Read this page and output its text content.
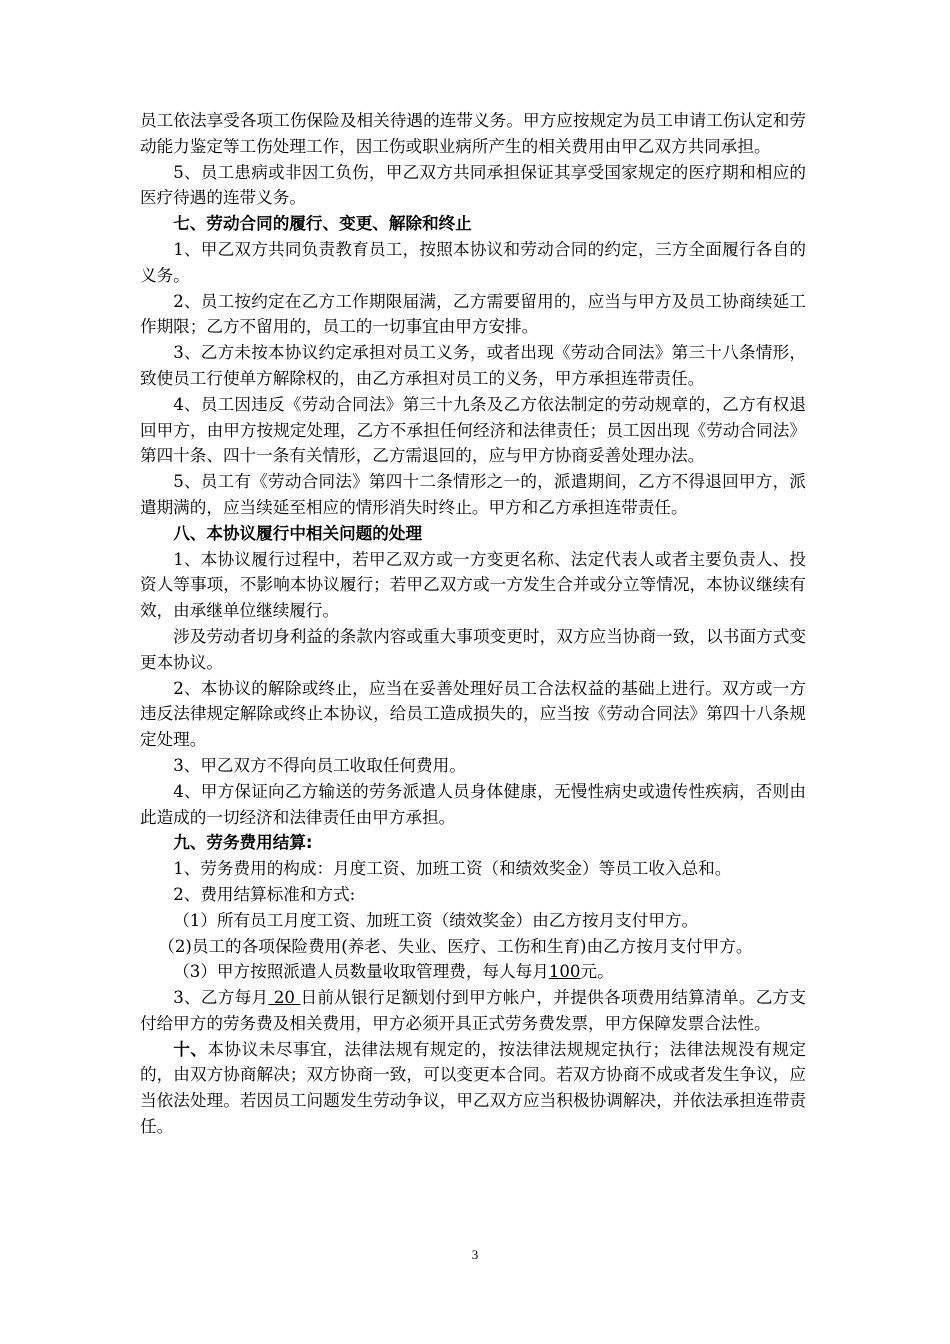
员工依法享受各项工伤保险及相关待遇的连带义务。甲方应按规定为员工申请工伤认定和劳动能力鉴定等工伤处理工作，因工伤或职业病所产生的相关费用由甲乙双方共同承担。

5、员工患病或非因工负伤，甲乙双方共同承担保证其享受国家规定的医疗期和相应的医疗待遇的连带义务。

七、劳动合同的履行、变更、解除和终止

1、甲乙双方共同负责教育员工，按照本协议和劳动合同的约定，三方全面履行各自的义务。

2、员工按约定在乙方工作期限届满，乙方需要留用的，应当与甲方及员工协商续延工作期限；乙方不留用的，员工的一切事宜由甲方安排。

3、乙方未按本协议约定承担对员工义务，或者出现《劳动合同法》第三十八条情形，致使员工行使单方解除权的，由乙方承担对员工的义务，甲方承担连带责任。

4、员工因违反《劳动合同法》第三十九条及乙方依法制定的劳动规章的，乙方有权退回甲方，由甲方按规定处理，乙方不承担任何经济和法律责任；员工因出现《劳动合同法》第四十条、四十一条有关情形，乙方需退回的，应与甲方协商妥善处理办法。

5、员工有《劳动合同法》第四十二条情形之一的，派遣期间，乙方不得退回甲方，派遣期满的，应当续延至相应的情形消失时终止。甲方和乙方承担连带责任。

八、本协议履行中相关问题的处理

1、本协议履行过程中，若甲乙双方或一方变更名称、法定代表人或者主要负责人、投资人等事项，不影响本协议履行；若甲乙双方或一方发生合并或分立等情况，本协议继续有效，由承继单位继续履行。

涉及劳动者切身利益的条款内容或重大事项变更时，双方应当协商一致，以书面方式变更本协议。

2、本协议的解除或终止，应当在妥善处理好员工合法权益的基础上进行。双方或一方违反法律规定解除或终止本协议，给员工造成损失的，应当按《劳动合同法》第四十八条规定处理。

3、甲乙双方不得向员工收取任何费用。

4、甲方保证向乙方输送的劳务派遣人员身体健康，无慢性病史或遗传性疾病，否则由此造成的一切经济和法律责任由甲方承担。

九、劳务费用结算:

1、劳务费用的构成：月度工资、加班工资（和绩效奖金）等员工收入总和。

2、费用结算标准和方式:

（1）所有员工月度工资、加班工资（绩效奖金）由乙方按月支付甲方。

（2)员工的各项保险费用(养老、失业、医疗、工伤和生育)由乙方按月支付甲方。

（3）甲方按照派遣人员数量收取管理费，每人每月100元。

3、乙方每月 20 日前从银行足额划付到甲方帐户，并提供各项费用结算清单。乙方支付给甲方的劳务费及相关费用，甲方必须开具正式劳务费发票，甲方保障发票合法性。

十、本协议未尽事宜，法律法规有规定的，按法律法规规定执行；法律法规没有规定的，由双方协商解决；双方协商一致，可以变更本合同。若双方协商不成或者发生争议，应当依法处理。若因员工问题发生劳动争议，甲乙双方应当积极协调解决，并依法承担连带责任。

3
